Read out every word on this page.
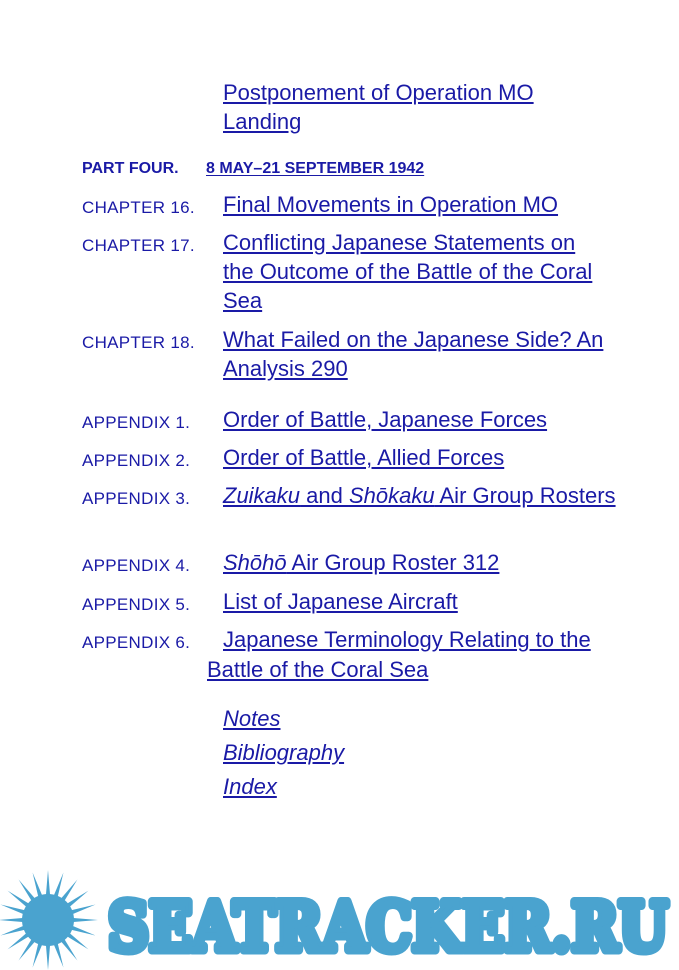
Postponement of Operation MO Landing
PART FOUR. 8 MAY–21 SEPTEMBER 1942
CHAPTER 16. Final Movements in Operation MO
CHAPTER 17. Conflicting Japanese Statements on the Outcome of the Battle of the Coral Sea
CHAPTER 18. What Failed on the Japanese Side? An Analysis 290
APPENDIX 1. Order of Battle, Japanese Forces
APPENDIX 2. Order of Battle, Allied Forces
APPENDIX 3.	Zuikaku and Shōkaku Air Group Rosters
APPENDIX 4. Shōhō Air Group Roster 312
APPENDIX 5. List of Japanese Aircraft
APPENDIX 6.	Japanese Terminology Relating to the Battle of the Coral Sea
Notes
Bibliography
Index
SEATRACKER.RU
SEATRACKER.RU
